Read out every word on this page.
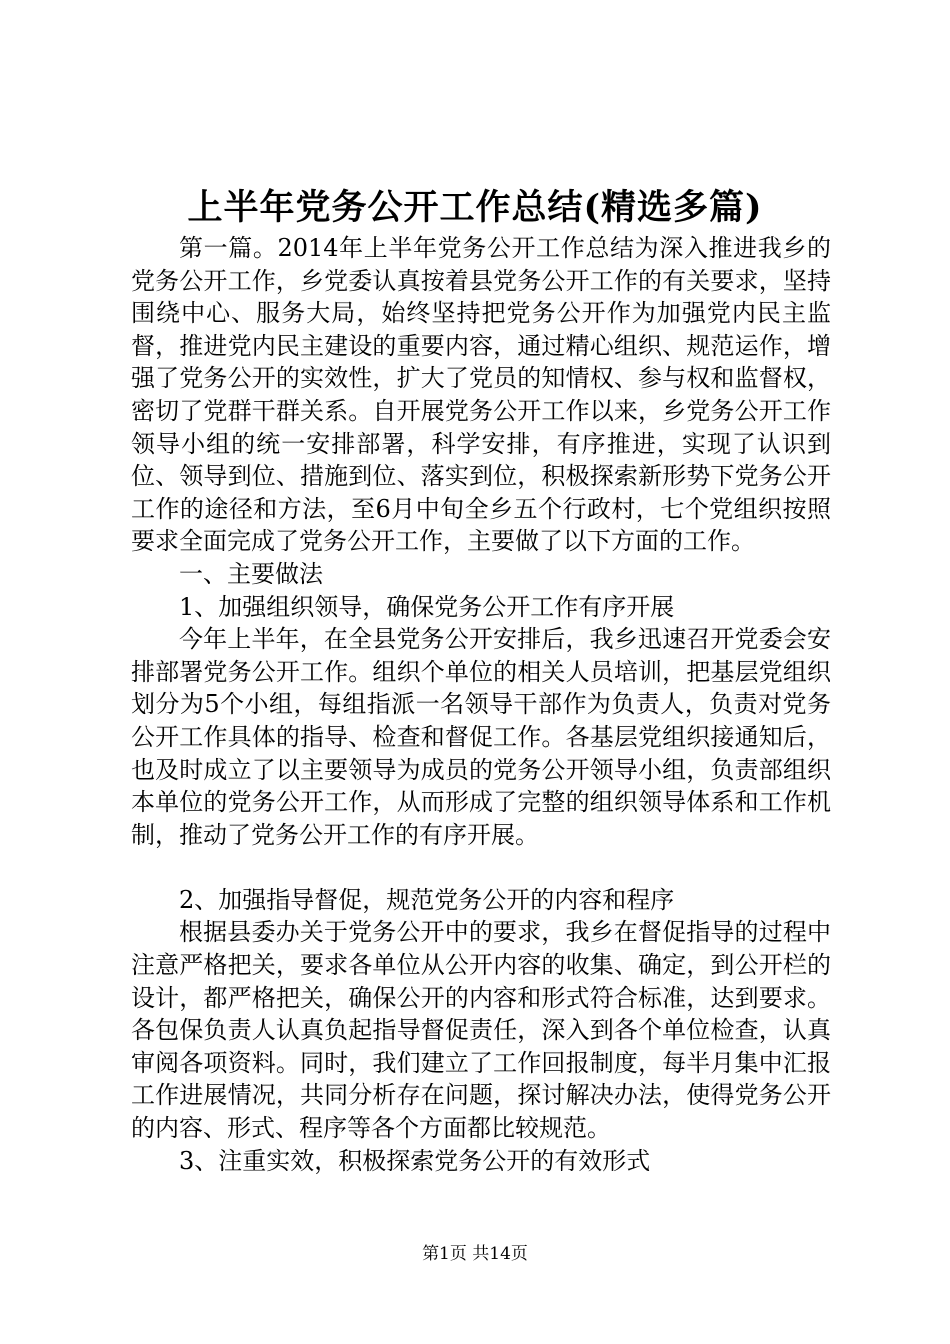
上半年党务公开工作总结(精选多篇)

第一篇。2014年上半年党务公开工作总结为深入推进我乡的党务公开工作，乡党委认真按着县党务公开工作的有关要求，坚持围绕中心、服务大局，始终坚持把党务公开作为加强党内民主监督，推进党内民主建设的重要内容，通过精心组织、规范运作，增强了党务公开的实效性，扩大了党员的知情权、参与权和监督权，密切了党群干群关系。自开展党务公开工作以来，乡党务公开工作领导小组的统一安排部署，科学安排，有序推进，实现了认识到位、领导到位、措施到位、落实到位，积极探索新形势下党务公开工作的途径和方法，至6月中旬全乡五个行政村，七个党组织按照要求全面完成了党务公开工作，主要做了以下方面的工作。

一、主要做法

1、加强组织领导，确保党务公开工作有序开展

今年上半年，在全县党务公开安排后，我乡迅速召开党委会安排部署党务公开工作。组织个单位的相关人员培训，把基层党组织划分为5个小组，每组指派一名领导干部作为负责人，负责对党务公开工作具体的指导、检查和督促工作。各基层党组织接通知后，也及时成立了以主要领导为成员的党务公开领导小组，负责部组织本单位的党务公开工作，从而形成了完整的组织领导体系和工作机制，推动了党务公开工作的有序开展。

2、加强指导督促，规范党务公开的内容和程序

根据县委办关于党务公开中的要求，我乡在督促指导的过程中注意严格把关，要求各单位从公开内容的收集、确定，到公开栏的设计，都严格把关，确保公开的内容和形式符合标准，达到要求。各包保负责人认真负起指导督促责任，深入到各个单位检查，认真审阅各项资料。同时，我们建立了工作回报制度，每半月集中汇报工作进展情况，共同分析存在问题，探讨解决办法，使得党务公开的内容、形式、程序等各个方面都比较规范。

3、注重实效，积极探索党务公开的有效形式

第1页 共14页
